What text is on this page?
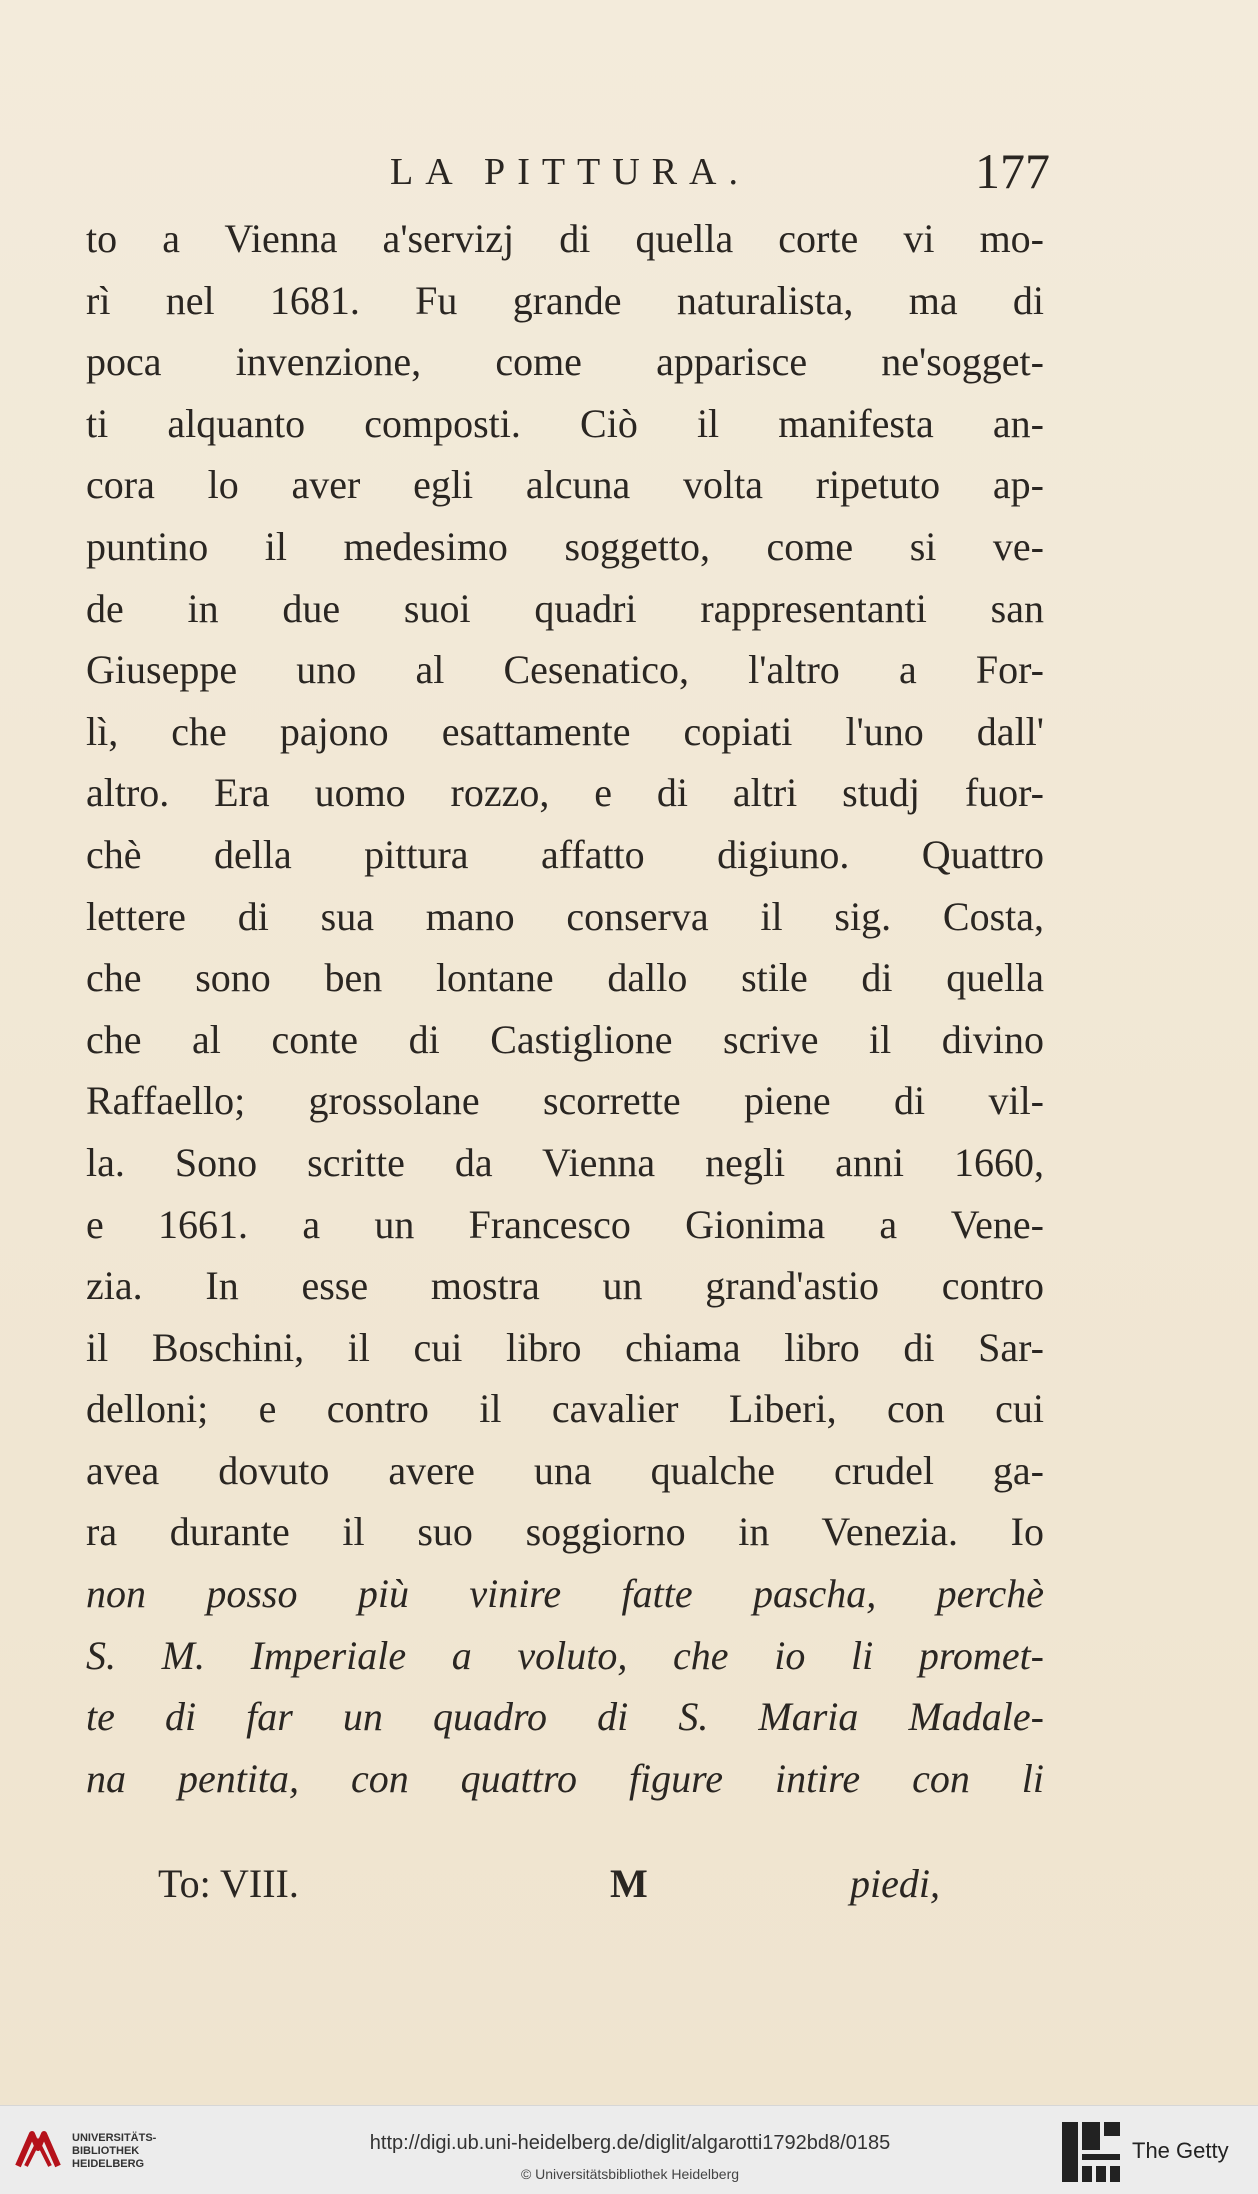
LA PITTURA.	177
to a Vienna a'servizj di quella corte vi mo-
rì nel 1681. Fu grande naturalista, ma di
poca invenzione, come apparisce ne'sogget-
ti alquanto composti. Ciò il manifesta an-
cora lo aver egli alcuna volta ripetuto ap-
puntino il medesimo soggetto, come si ve-
de in due suoi quadri rappresentanti san
Giuseppe uno al Cesenatico, l'altro a For-
lì, che pajono esattamente copiati l'uno dall'
altro. Era uomo rozzo, e di altri studj fuor-
chè della pittura affatto digiuno. Quattro
lettere di sua mano conserva il sig. Costa,
che sono ben lontane dallo stile di quella
che al conte di Castiglione scrive il divino
Raffaello; grossolane scorrette piene di vil-
la. Sono scritte da Vienna negli anni 1660,
e 1661. a un Francesco Gionima a Vene-
zia. In esse mostra un grand'astio contro
il Boschini, il cui libro chiama libro di Sar-
delloni; e contro il cavalier Liberi, con cui
avea dovuto avere una qualche crudel ga-
ra durante il suo soggiorno in Venezia. Io
non posso più vinire fatte pascha, perchè
S. M. Imperiale a voluto, che io li promet-
te di far un quadro di S. Maria Madale-
na pentita, con quattro figure intire con li
To: VIII.	M	piedi,
UNIVERSITÄTS-
BIBLIOTHEK
HEIDELBERG
http://digi.ub.uni-heidelberg.de/diglit/algarotti1792bd8/0185
© Universitätsbibliothek Heidelberg
The Getty
